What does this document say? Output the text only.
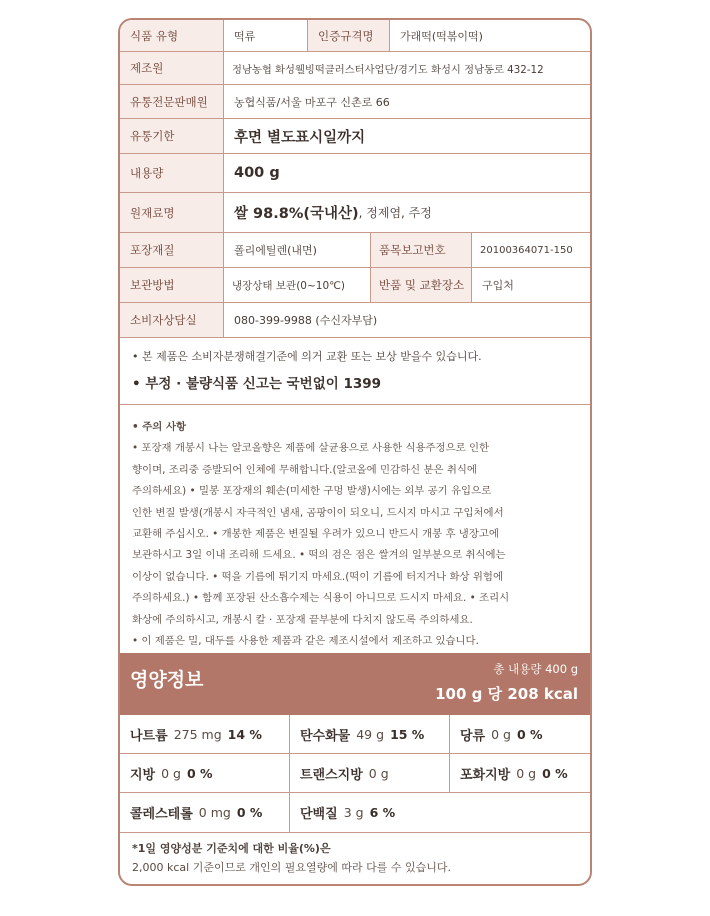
식품 유형	떡류	인증규격명	가래떡(떡볶이떡)
제조원	정남농협 화성웰빙떡클러스터사업단/경기도 화성시 정남동로 432-12
유통전문판매원	농협식품/서울 마포구 신촌로 66
유통기한	후면 별도표시일까지
내용량	400 g
원재료명	쌀 98.8%(국내산) , 정제염, 주정
포장재질	폴리에틸렌(내면)	품목보고번호	20100364071-150
보관방법	냉장상태 보관(0~10℃)	반품 및 교환장소	구입처
소비자상담실	080-399-9988 (수신자부담)
• 본 제품은 소비자분쟁해결기준에 의거 교환 또는 보상 받을수 있습니다.
• 부정 · 불량식품 신고는 국번없이 1399
• 주의 사항
• 포장재 개봉시 나는 알코올향은 제품에 살균용으로 사용한 식용주정으로 인한
향이며, 조리중 증발되어 인체에 무해합니다.(알코올에 민감하신 분은 취식에
주의하세요) • 밀봉 포장재의 훼손(미세한 구멍 발생)시에는 외부 공기 유입으로
인한 변질 발생(개봉시 자극적인 냄새, 곰팡이이 되오니, 드시지 마시고 구입처에서
교환해 주십시오. • 개봉한 제품은 변질될 우려가 있으니 반드시 개봉 후 냉장고에
보관하시고 3일 이내 조리해 드세요. • 떡의 검은 점은 쌀겨의 일부분으로 취식에는
이상이 없습니다. • 떡을 기름에 튀기지 마세요.(떡이 기름에 터지거나 화상 위험에
주의하세요.) • 함께 포장된 산소흡수제는 식용이 아니므로 드시지 마세요. • 조리시
화상에 주의하시고, 개봉시 칼 · 포장재 끝부분에 다치지 않도록 주의하세요.
• 이 제품은 밀, 대두를 사용한 제품과 같은 제조시설에서 제조하고 있습니다.
영양정보	총 내용량 400 g
100 g 당 208 kcal
나트륨 275 mg 14 %	탄수화물 49 g 15 %	당류 0 g 0 %
지방 0 g 0 %	트랜스지방 0 g	포화지방 0 g 0 %
콜레스테롤 0 mg 0 %	단백질 3 g 6 %
*1일 영양성분 기준치에 대한 비율(%)은
2,000 kcal 기준이므로 개인의 필요열량에 따라 다를 수 있습니다.
